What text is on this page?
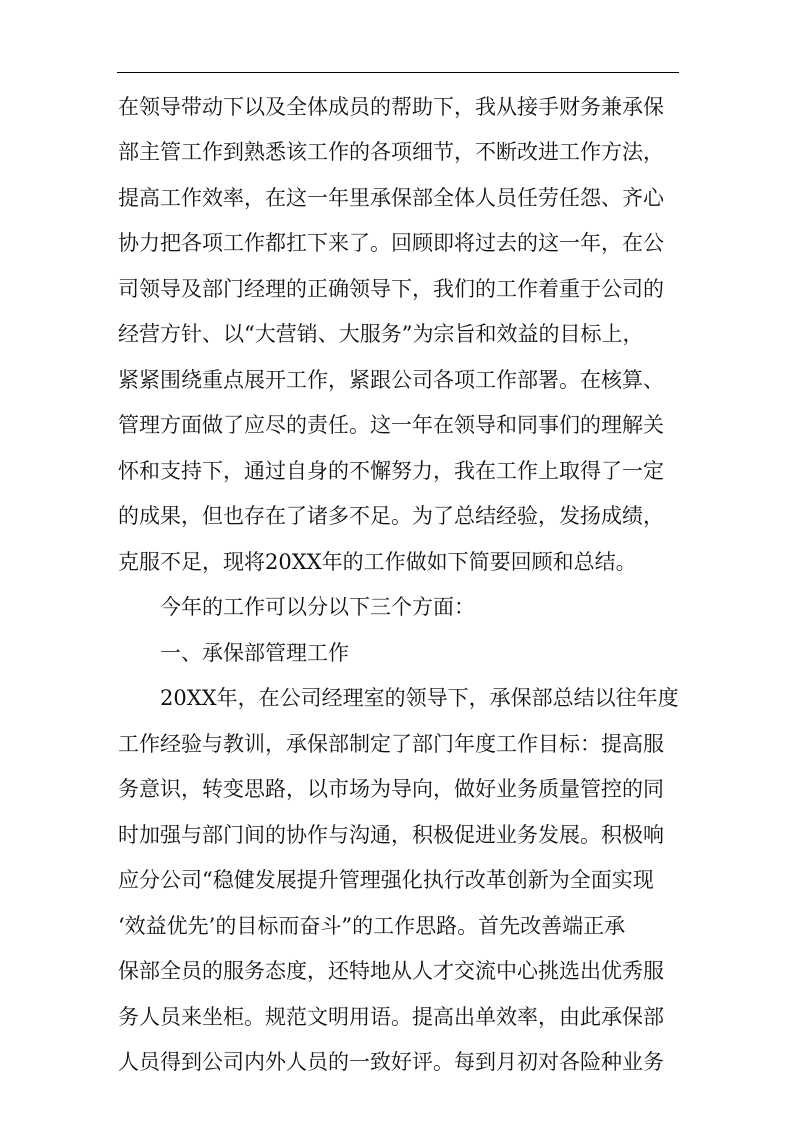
在领导带动下以及全体成员的帮助下，我从接手财务兼承保
部主管工作到熟悉该工作的各项细节，不断改进工作方法，
提高工作效率，在这一年里承保部全体人员任劳任怨、齐心
协力把各项工作都扛下来了。回顾即将过去的这一年，在公
司领导及部门经理的正确领导下，我们的工作着重于公司的
经营方针、以“大营销、大服务”为宗旨和效益的目标上，
紧紧围绕重点展开工作，紧跟公司各项工作部署。在核算、
管理方面做了应尽的责任。这一年在领导和同事们的理解关
怀和支持下，通过自身的不懈努力，我在工作上取得了一定
的成果，但也存在了诸多不足。为了总结经验，发扬成绩，
克服不足，现将20XX年的工作做如下简要回顾和总结。
今年的工作可以分以下三个方面：
一、承保部管理工作
20XX年，在公司经理室的领导下，承保部总结以往年度
工作经验与教训，承保部制定了部门年度工作目标：提高服
务意识，转变思路，以市场为导向，做好业务质量管控的同
时加强与部门间的协作与沟通，积极促进业务发展。积极响
应分公司“稳健发展提升管理强化执行改革创新为全面实现
‘效益优先’的目标而奋斗”的工作思路。首先改善端正承
保部全员的服务态度，还特地从人才交流中心挑选出优秀服
务人员来坐柜。规范文明用语。提高出单效率，由此承保部
人员得到公司内外人员的一致好评。每到月初对各险种业务
